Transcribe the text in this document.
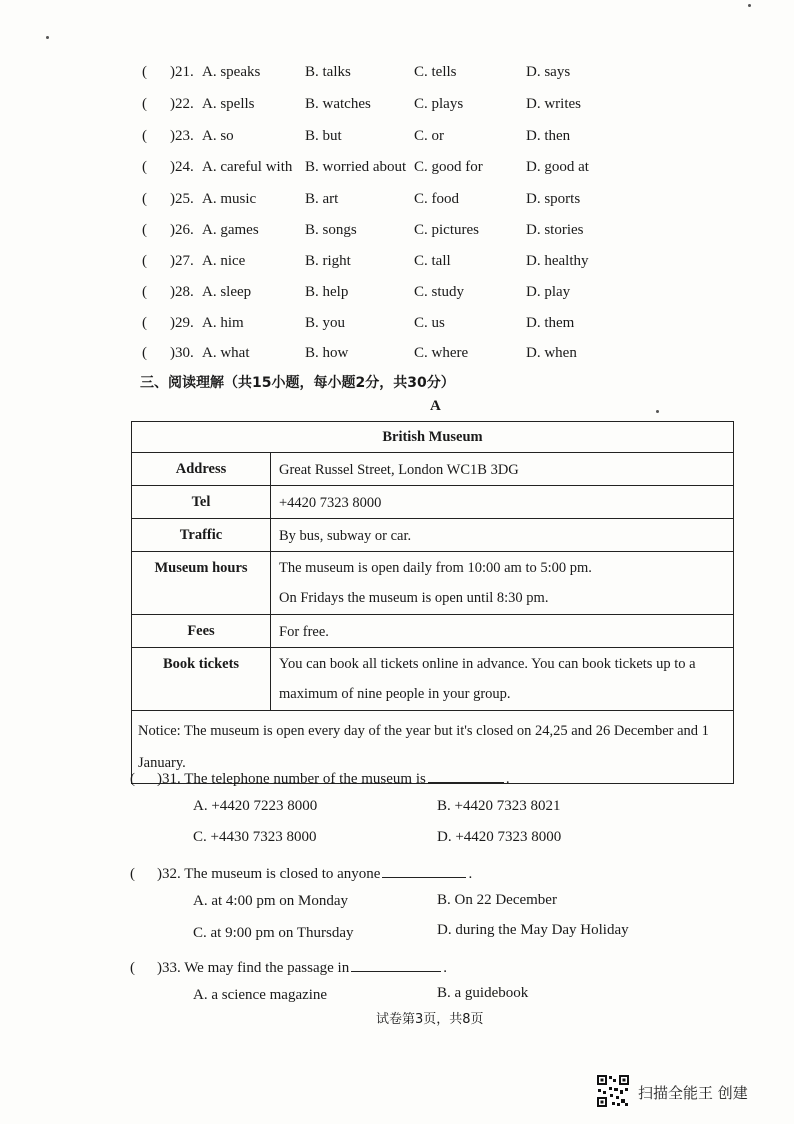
( )21. A. speaks	B. talks	C. tells	D. says
( )22. A. spells	B. watches	C. plays	D. writes
( )23. A. so	B. but	C. or	D. then
( )24. A. careful with B. worried about C. good for	D. good at
( )25. A. music	B. art	C. food	D. sports
( )26. A. games	B. songs	C. pictures	D. stories
( )27. A. nice	B. right	C. tall	D. healthy
( )28. A. sleep	B. help	C. study	D. play
( )29. A. him	B. you	C. us	D. them
( )30. A. what	B. how	C. where	D. when
三、阅读理解（共15小题，每小题2分，共30分）
A
British Museum	
Address	Great Russel Street, London WC1B 3DG
Tel	+4420 7323 8000
Traffic	By bus, subway or car.
Museum hours	The museum is open daily from 10:00 am to 5:00 pm.
On Fridays the museum is open until 8:30 pm.

Fees	For free.
Book tickets	You can book all tickets online in advance. You can book tickets up to a maximum of nine people in your group.
Notice: The museum is open every day of the year but it's closed on 24,25 and 26 December and 1 January.	
( )31. The telephone number of the museum is	.
A. +4420 7223 8000	B. +4420 7323 8021
C. +4430 7323 8000	D. +4420 7323 8000
( )32. The museum is closed to anyone	.
A. at 4:00 pm on Monday	B. On 22 December
C. at 9:00 pm on Thursday	D. during the May Day Holiday
( )33. We may find the passage in	.
A. a science magazine	B. a guidebook
试卷第3页，共8页
扫描全能王 创建
